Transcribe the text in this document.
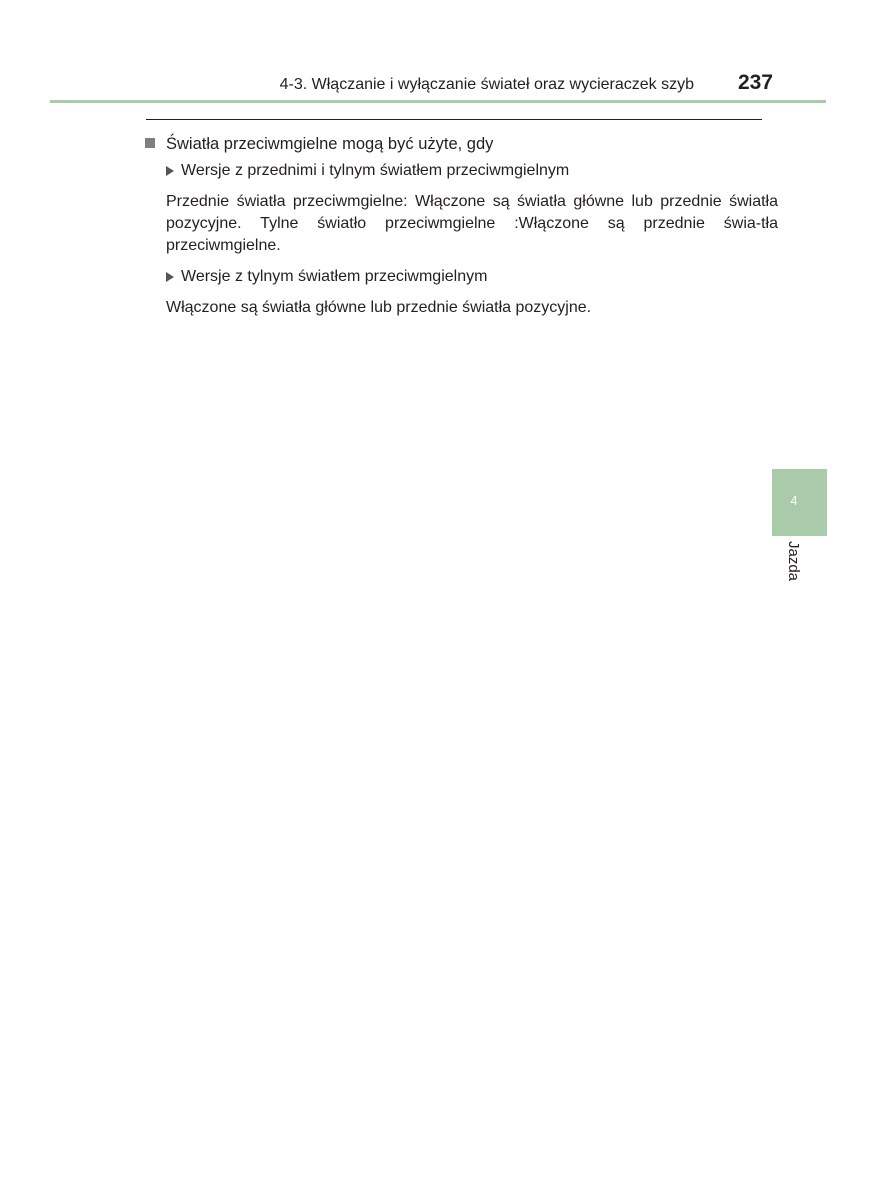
4-3. Włączanie i wyłączanie świateł oraz wycieraczek szyb 237
Światła przeciwmgielne mogą być użyte, gdy
Wersje z przednimi i tylnym światłem przeciwmgielnym

Przednie światła przeciwmgielne: Włączone są światła główne lub przednie światła pozycyjne. Tylne światło przeciwmgielne :Włączone są przednie świa-tła przeciwmgielne.

Wersje z tylnym światłem przeciwmgielnym

Włączone są światła główne lub przednie światła pozycyjne.

4
Jazda
